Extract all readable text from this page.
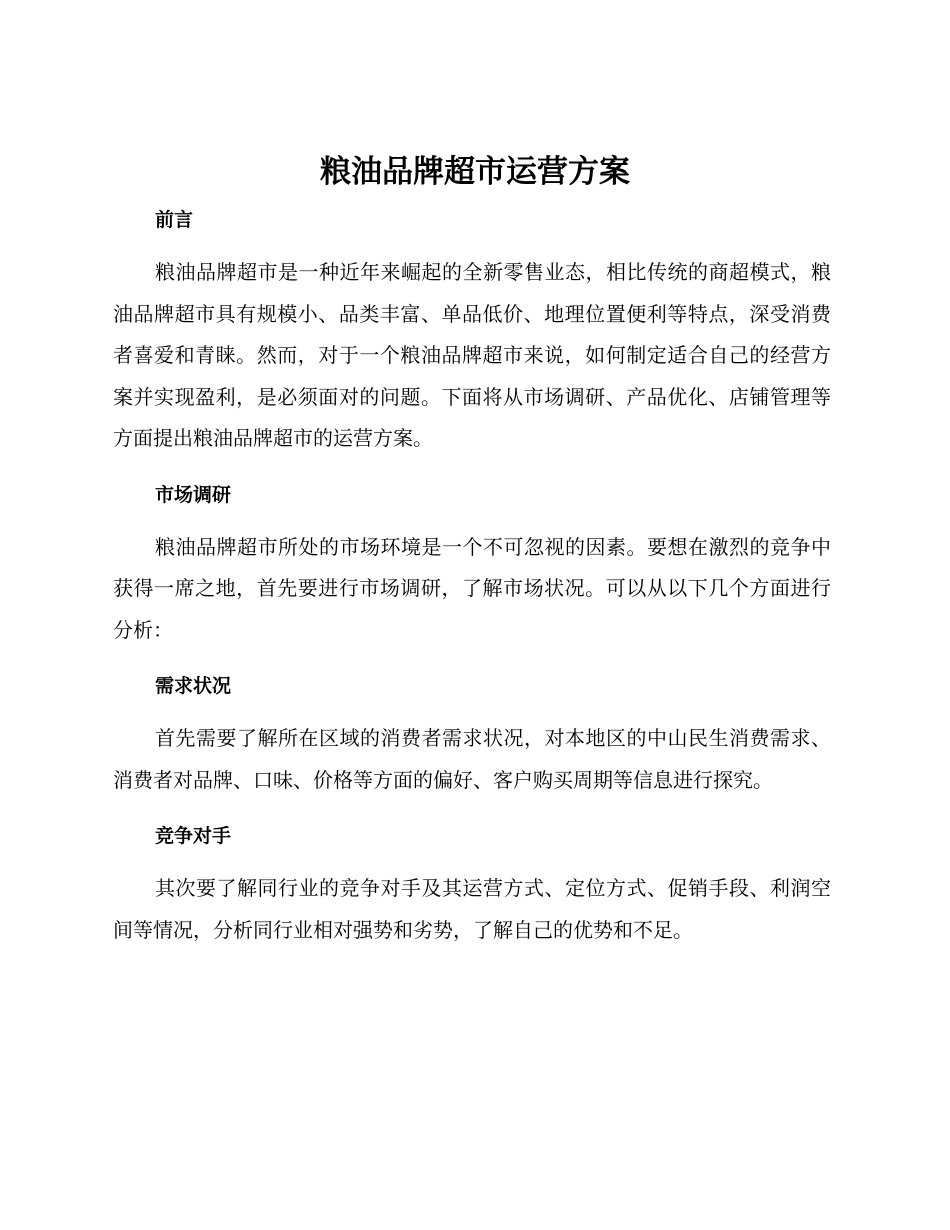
粮油品牌超市运营方案
前言

粮油品牌超市是一种近年来崛起的全新零售业态，相比传统的商超模式，粮油品牌超市具有规模小、品类丰富、单品低价、地理位置便利等特点，深受消费者喜爱和青睐。然而，对于一个粮油品牌超市来说，如何制定适合自己的经营方案并实现盈利，是必须面对的问题。下面将从市场调研、产品优化、店铺管理等方面提出粮油品牌超市的运营方案。

市场调研

粮油品牌超市所处的市场环境是一个不可忽视的因素。要想在激烈的竞争中获得一席之地，首先要进行市场调研，了解市场状况。可以从以下几个方面进行分析：

需求状况

首先需要了解所在区域的消费者需求状况，对本地区的中山民生消费需求、消费者对品牌、口味、价格等方面的偏好、客户购买周期等信息进行探究。

竞争对手

其次要了解同行业的竞争对手及其运营方式、定位方式、促销手段、利润空间等情况，分析同行业相对强势和劣势，了解自己的优势和不足。
